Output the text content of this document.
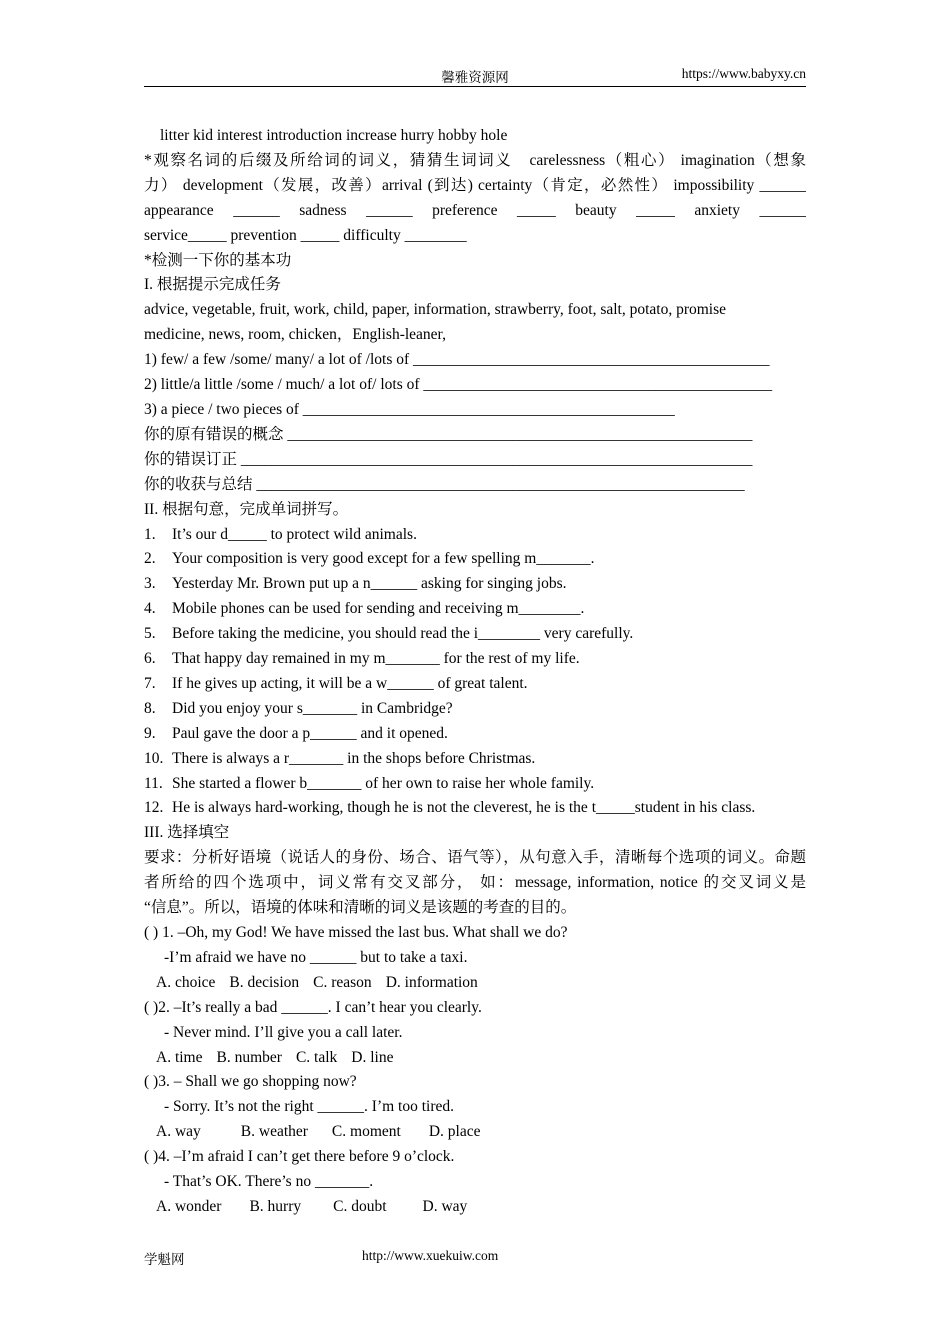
馨雅资源网	https://www.babyxy.cn
litter kid interest introduction increase hurry hobby hole
*观察名词的后缀及所给词的词义，猜猜生词词义　carelessness（粗心） imagination（想象
力） development（发展，改善）arrival (到达) certainty（肯定，必然性） impossibility ______
appearance ______ sadness ______ preference _____ beauty _____ anxiety ______
service_____ prevention _____ difficulty ________
*检测一下你的基本功
I. 根据提示完成任务
advice, vegetable, fruit, work, child, paper, information, strawberry, foot, salt, potato, promise
medicine, news, room, chicken，English-leaner,
1) few/ a few /some/ many/ a lot of /lots of ______________________________________________
2) little/a little /some / much/ a lot of/ lots of _____________________________________________
3) a piece / two pieces of ________________________________________________
你的原有错误的概念 ____________________________________________________________
你的错误订正 __________________________________________________________________
你的收获与总结 _______________________________________________________________
II. 根据句意，完成单词拼写。
1. It’s our d_____ to protect wild animals.
2. Your composition is very good except for a few spelling m_______.
3. Yesterday Mr. Brown put up a n______ asking for singing jobs.
4. Mobile phones can be used for sending and receiving m________.
5. Before taking the medicine, you should read the i________ very carefully.
6. That happy day remained in my m_______ for the rest of my life.
7. If he gives up acting, it will be a w______ of great talent.
8. Did you enjoy your s_______ in Cambridge?
9. Paul gave the door a p______ and it opened.
10. There is always a r_______ in the shops before Christmas.
11. She started a flower b_______ of her own to raise her whole family.
12. He is always hard-working, though he is not the cleverest, he is the t_____student in his class.
III. 选择填空
要求：分析好语境（说话人的身份、场合、语气等），从句意入手，清晰每个选项的词义。命题
者所给的四个选项中，词义常有交叉部分， 如：message, information, notice 的交叉词义是
“信息”。所以，语境的体味和清晰的词义是该题的考查的目的。
( ) 1. –Oh, my God! We have missed the last bus. What shall we do?
-I’m afraid we have no ______ but to take a taxi.
A. choice B. decision C. reason D. information
( )2. –It’s really a bad ______. I can’t hear you clearly.
- Never mind. I’ll give you a call later.
A. time B. number C. talk D. line
( )3. – Shall we go shopping now?
- Sorry. It’s not the right ______. I’m too tired.
A. way	B. weather C. moment D. place
( )4. –I’m afraid I can’t get there before 9 o’clock.
- That’s OK. There’s no _______.
A. wonder B. hurry C. doubt D. way
学魁网	http://www.xuekuiw.com
